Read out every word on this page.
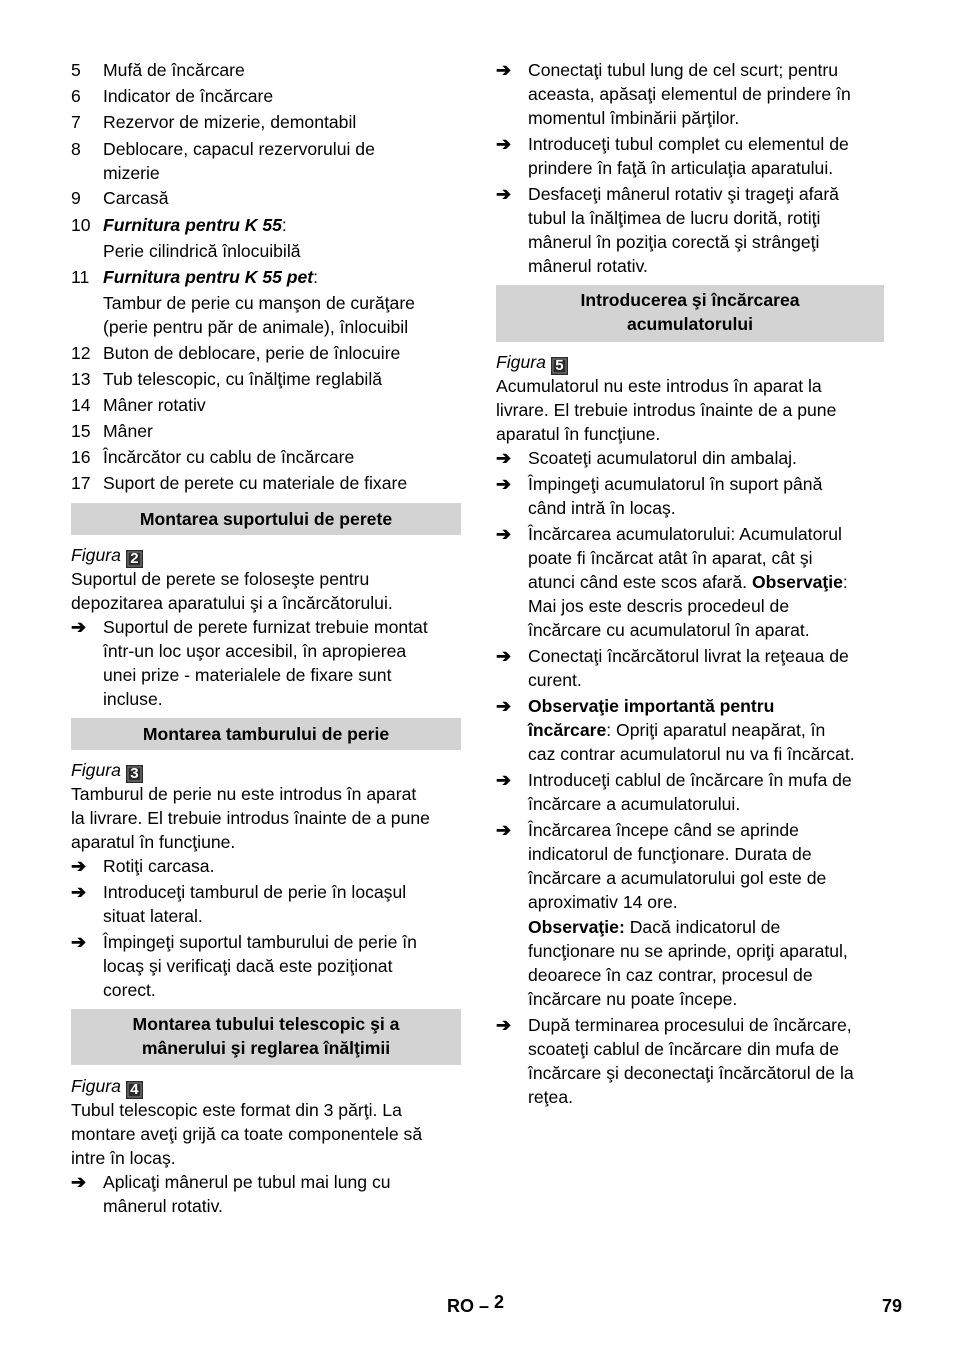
5	Mufă de încărcare
6	Indicator de încărcare
7	Rezervor de mizerie, demontabil
8	Deblocare, capacul rezervorului de
mizerie
9	Carcasă
10 Furnitura pentru K 55:
Perie cilindrică înlocuibilă
11 Furnitura pentru K 55 pet:
Tambur de perie cu manşon de curăţare
(perie pentru păr de animale), înlocuibil
12 Buton de deblocare, perie de înlocuire
13 Tub telescopic, cu înălţime reglabilă
14 Mâner rotativ
15 Mâner
16 Încărcător cu cablu de încărcare
17 Suport de perete cu materiale de fixare
Montarea suportului de perete
Figura 2
Suportul de perete se foloseşte pentru
depozitarea aparatului şi a încărcătorului.
➔ Suportul de perete furnizat trebuie montat
într-un loc uşor accesibil, în apropierea
unei prize - materialele de fixare sunt
incluse.
Montarea tamburului de perie
Figura 3
Tamburul de perie nu este introdus în aparat
la livrare. El trebuie introdus înainte de a pune
aparatul în funcţiune.
➔ Rotiţi carcasa.
➔ Introduceţi tamburul de perie în locaşul
situat lateral.
➔ Împingeţi suportul tamburului de perie în
locaş şi verificaţi dacă este poziţionat
corect.
Montarea tubului telescopic şi a
mânerului şi reglarea înălţimii
Figura 4
Tubul telescopic este format din 3 părţi. La
montare aveţi grijă ca toate componentele să
intre în locaş.
➔ Aplicaţi mânerul pe tubul mai lung cu
mânerul rotativ.
➔ Conectaţi tubul lung de cel scurt; pentru
aceasta, apăsaţi elementul de prindere în
momentul îmbinării părţilor.
➔ Introduceţi tubul complet cu elementul de
prindere în faţă în articulaţia aparatului.
➔ Desfaceţi mânerul rotativ şi trageţi afară
tubul la înălţimea de lucru dorită, rotiţi
mânerul în poziţia corectă şi strângeţi
mânerul rotativ.
Introducerea şi încărcarea
acumulatorului
Figura 5
Acumulatorul nu este introdus în aparat la
livrare. El trebuie introdus înainte de a pune
aparatul în funcţiune.
➔ Scoateţi acumulatorul din ambalaj.
➔ Împingeţi acumulatorul în suport până
când intră în locaş.
➔ Încărcarea acumulatorului: Acumulatorul
poate fi încărcat atât în aparat, cât şi
atunci când este scos afară. Observaţie:
Mai jos este descris procedeul de
încărcare cu acumulatorul în aparat.
➔ Conectaţi încărcătorul livrat la reţeaua de
curent.
➔ Observaţie importantă pentru
încărcare: Opriţi aparatul neapărat, în
caz contrar acumulatorul nu va fi încărcat.
➔ Introduceţi cablul de încărcare în mufa de
încărcare a acumulatorului.
➔ Încărcarea începe când se aprinde
indicatorul de funcţionare. Durata de
încărcare a acumulatorului gol este de
aproximativ 14 ore.
Observaţie: Dacă indicatorul de
funcţionare nu se aprinde, opriţi aparatul,
deoarece în caz contrar, procesul de
încărcare nu poate începe.
➔ După terminarea procesului de încărcare,
scoateţi cablul de încărcare din mufa de
încărcare şi deconectaţi încărcătorul de la
reţea.
RO – 2	79
